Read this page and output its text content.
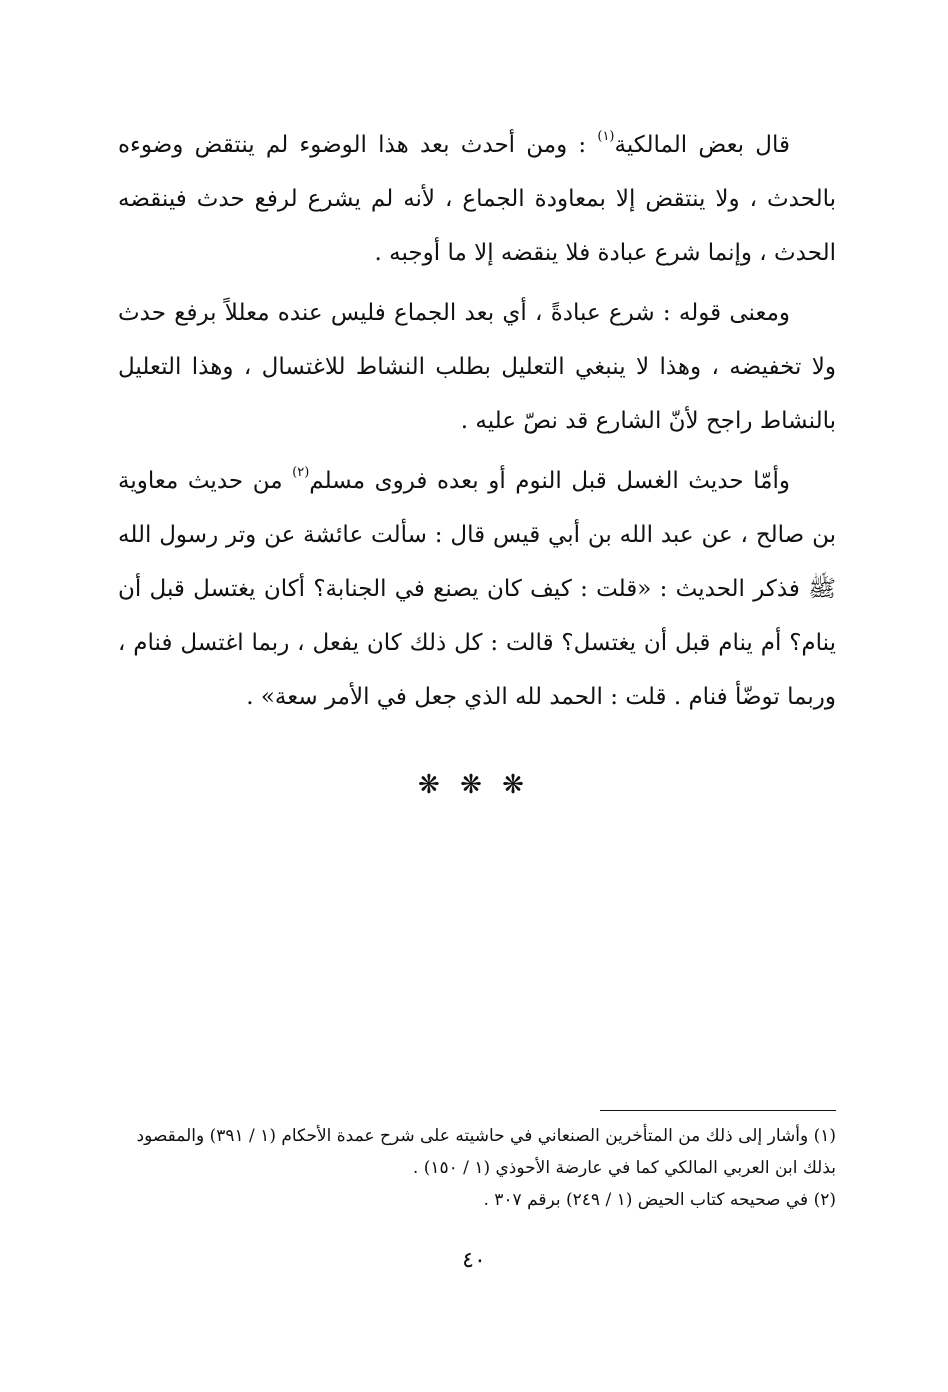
قال بعض المالكية$^{(١)}$ : ومن أحدث بعد هذا الوضوء لم ينتقض وضوءه بالحدث ، ولا ينتقض إلا بمعاودة الجماع ، لأنه لم يشرع لرفع حدث فينقضه الحدث ، وإنما شرع عبادة فلا ينقضه إلا ما أوجبه .

ومعنى قوله : شرع عبادةً ، أي بعد الجماع فليس عنده معللاً برفع حدث ولا تخفيضه ، وهذا لا ينبغي التعليل بطلب النشاط للاغتسال ، وهذا التعليل بالنشاط راجح لأنّ الشارع قد نصّ عليه .

وأمّا حديث الغسل قبل النوم أو بعده فروى مسلم$^{(٢)}$ من حديث معاوية بن صالح ، عن عبد الله بن أبي قيس قال : سألت عائشة عن وتر رسول الله ﷺ فذكر الحديث : «قلت : كيف كان يصنع في الجنابة؟ أكان يغتسل قبل أن ينام؟ أم ينام قبل أن يغتسل؟ قالت : كل ذلك كان يفعل ، ربما اغتسل فنام ، وربما توضّأ فنام . قلت : الحمد لله الذي جعل في الأمر سعة» .

❋ ❋ ❋
(١) وأشار إلى ذلك من المتأخرين الصنعاني في حاشيته على شرح عمدة الأحكام (١ / ٣٩١) والمقصود بذلك ابن العربي المالكي كما في عارضة الأحوذي (١ / ١٥٠) .
(٢) في صحيحه كتاب الحيض (١ / ٢٤٩) برقم ٣٠٧ .
٤٠
